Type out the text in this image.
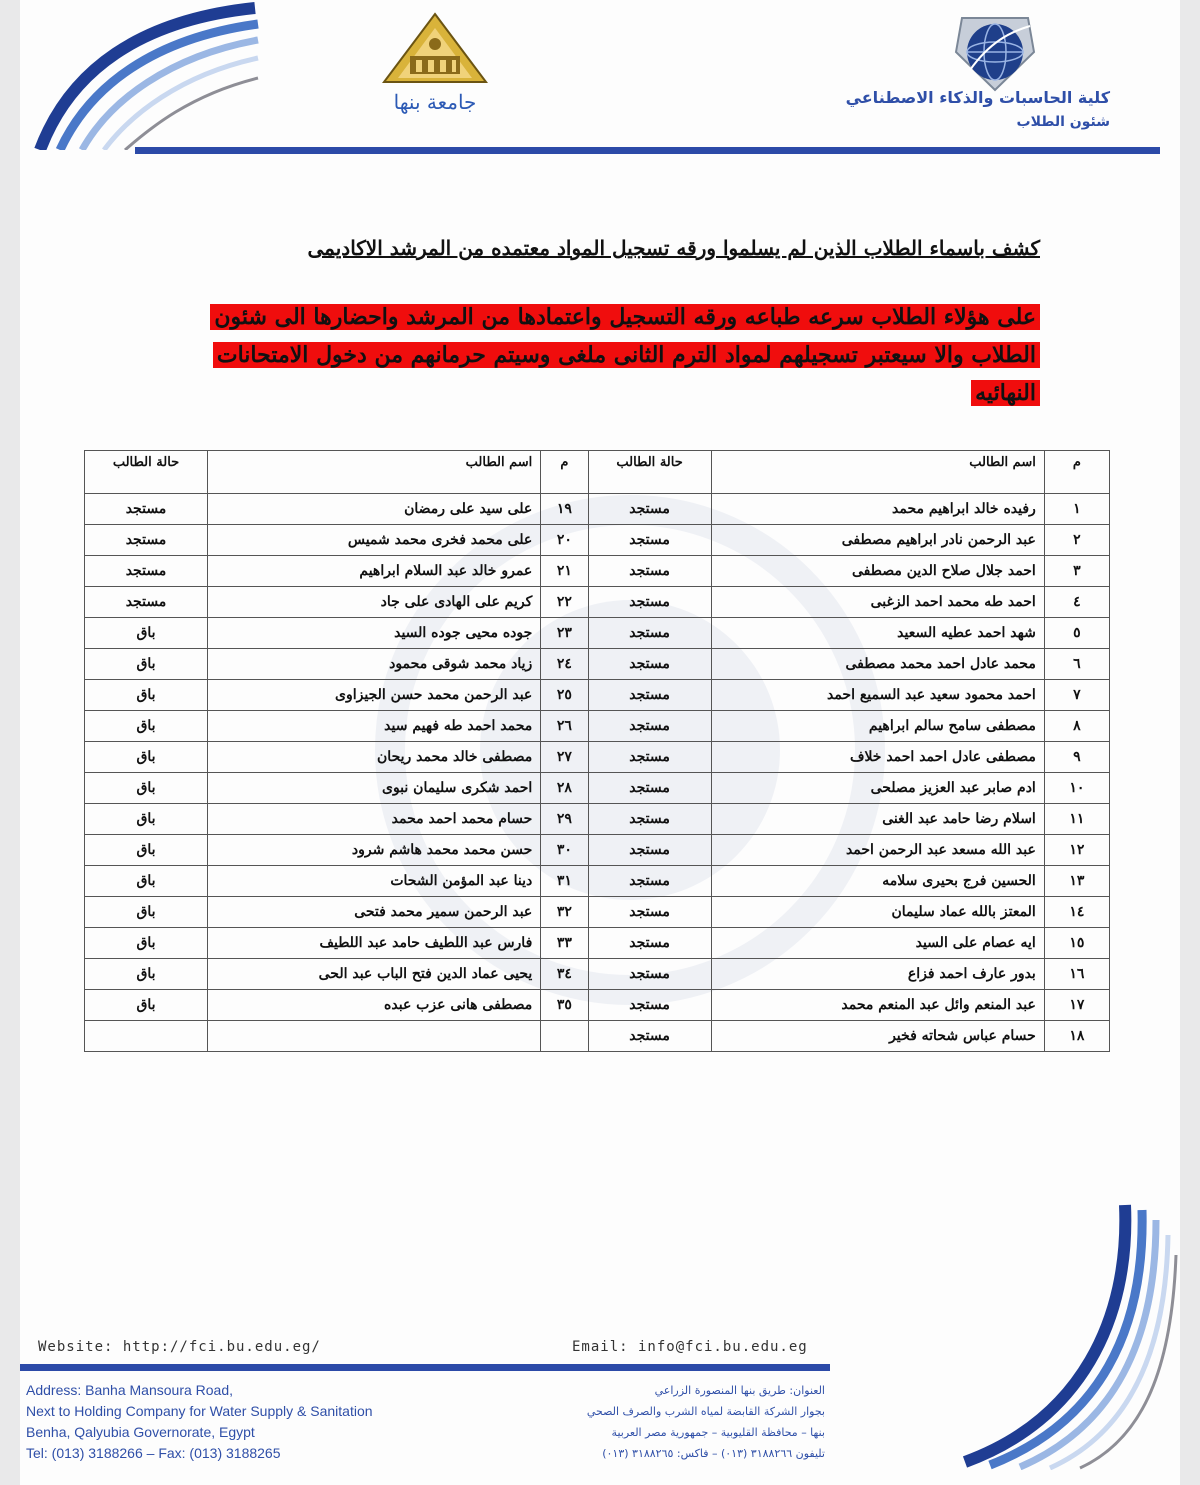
جامعة بنها	كلية الحاسبات والذكاء الاصطناعي
شئون الطلاب
كشف باسماء الطلاب الذين لم يسلموا ورقه تسجيل المواد معتمده من المرشد الاكاديمى
على هؤلاء الطلاب سرعه طباعه ورقه التسجيل واعتمادها من المرشد واحضارها الى شئون الطلاب والا سيعتبر تسجيلهم لمواد الترم الثانى ملغى وسيتم حرمانهم من دخول الامتحانات النهائيه
م	اسم الطالب	حالة الطالب	م	اسم الطالب	حالة الطالب
١	رفيده خالد ابراهيم محمد	مستجد	١٩	على سيد على رمضان	مستجد
٢	عبد الرحمن نادر ابراهيم مصطفى	مستجد	٢٠	على محمد فخرى محمد شميس	مستجد
٣	احمد جلال صلاح الدين مصطفى	مستجد	٢١	عمرو خالد عبد السلام ابراهيم	مستجد
٤	احمد طه محمد احمد الزغبى	مستجد	٢٢	كريم على الهادى على جاد	مستجد
٥	شهد احمد عطيه السعيد	مستجد	٢٣	جوده محيى جوده السيد	باق
٦	محمد عادل احمد محمد مصطفى	مستجد	٢٤	زياد محمد شوقى محمود	باق
٧	احمد محمود سعيد عبد السميع احمد	مستجد	٢٥	عبد الرحمن محمد حسن الجيزاوى	باق
٨	مصطفى سامح سالم ابراهيم	مستجد	٢٦	محمد احمد طه فهيم سيد	باق
٩	مصطفى عادل احمد احمد خلاف	مستجد	٢٧	مصطفى خالد محمد ريحان	باق
١٠	ادم صابر عبد العزيز مصلحى	مستجد	٢٨	احمد شكرى سليمان نبوى	باق
١١	اسلام رضا حامد عبد الغنى	مستجد	٢٩	حسام محمد احمد محمد	باق
١٢	عبد الله مسعد عبد الرحمن احمد	مستجد	٣٠	حسن محمد محمد هاشم شرود	باق
١٣	الحسين فرج بحيرى سلامه	مستجد	٣١	دينا عبد المؤمن الشحات	باق
١٤	المعتز بالله عماد سليمان	مستجد	٣٢	عبد الرحمن سمير محمد فتحى	باق
١٥	ايه عصام على السيد	مستجد	٣٣	فارس عبد اللطيف حامد عبد اللطيف	باق
١٦	بدور عارف احمد فزاع	مستجد	٣٤	يحيى عماد الدين فتح الباب عبد الحى	باق
١٧	عبد المنعم وائل عبد المنعم محمد	مستجد	٣٥	مصطفى هانى عزب عبده	باق
١٨	حسام عباس شحاته فخير	مستجد			
Website: http://fci.bu.edu.eg/	Email: info@fci.bu.edu.eg
Address: Banha Mansoura Road,
Next to Holding Company for Water Supply & Sanitation
Benha, Qalyubia Governorate, Egypt
Tel: (013) 3188266 – Fax: (013) 3188265
العنوان: طريق بنها المنصورة الزراعي
بجوار الشركة القابضة لمياه الشرب والصرف الصحي
بنها – محافظة القليوبية – جمهورية مصر العربية
تليفون ٣١٨٨٢٦٦ (٠١٣) – فاكس: ٣١٨٨٢٦٥ (٠١٣)
